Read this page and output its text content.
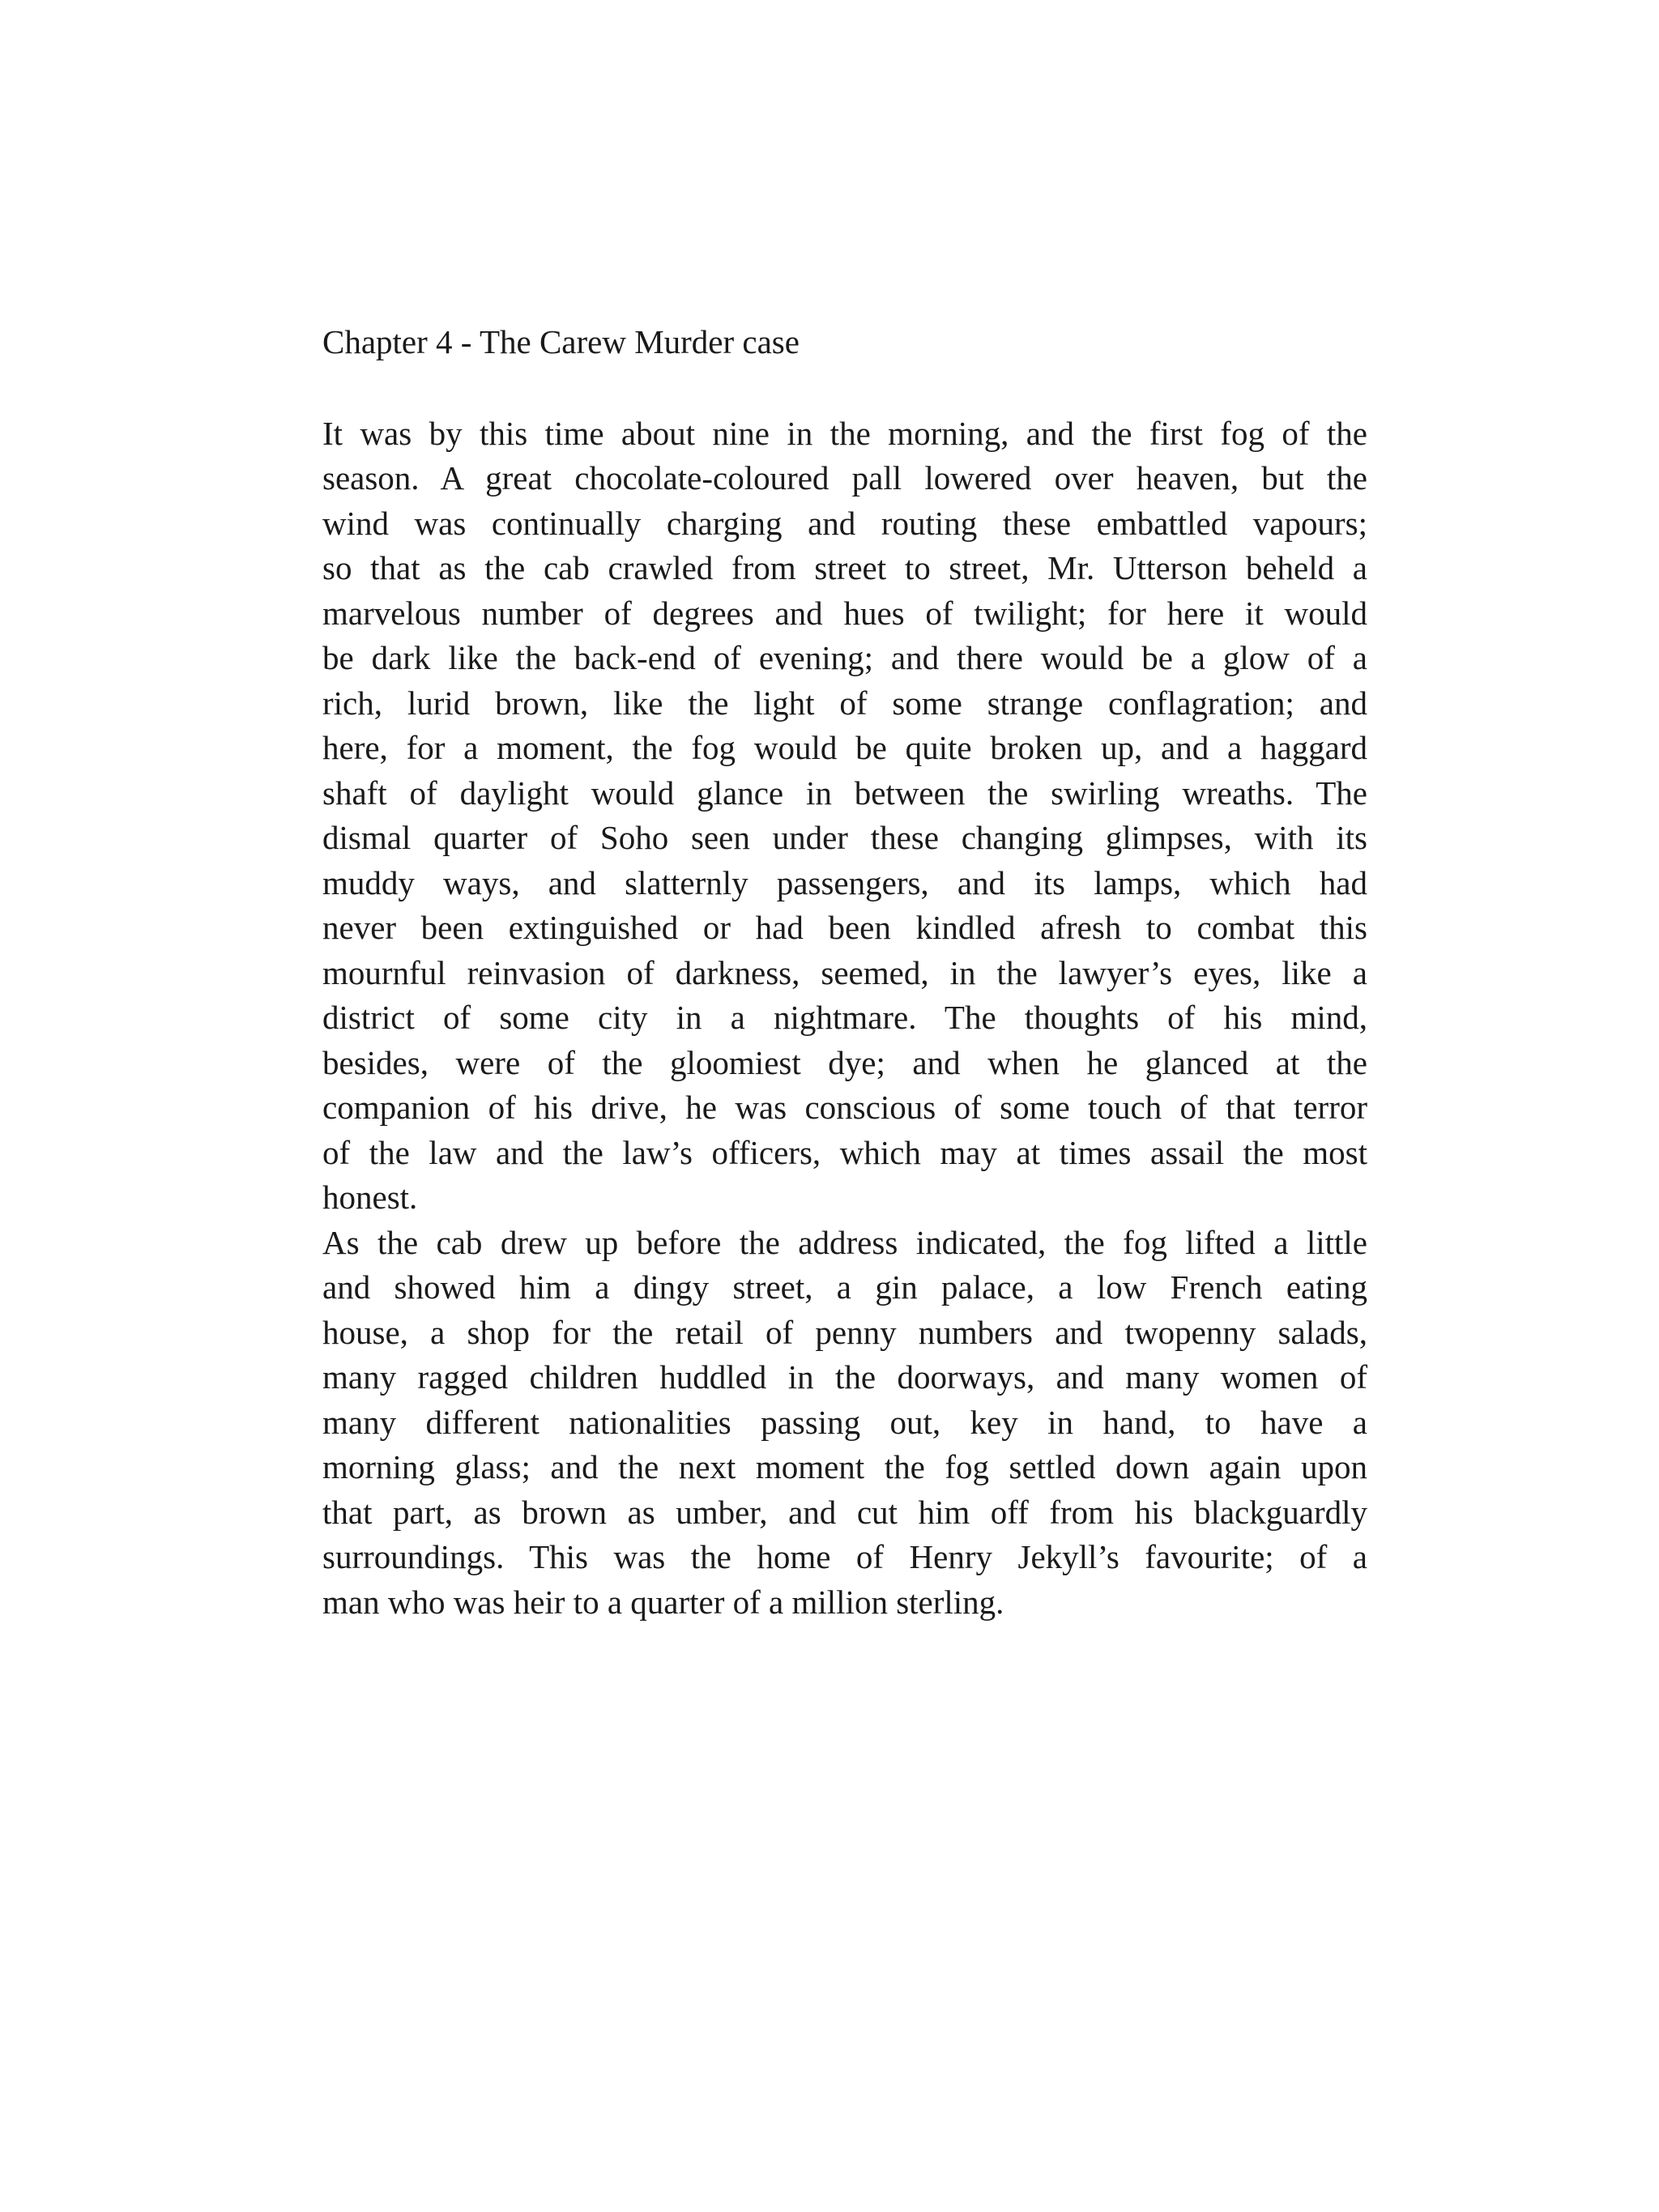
Chapter 4 - The Carew Murder case

It was by this time about nine in the morning, and the first fog of the
season. A great chocolate-coloured pall lowered over heaven, but the
wind was continually charging and routing these embattled vapours;
so that as the cab crawled from street to street, Mr. Utterson beheld a
marvelous number of degrees and hues of twilight; for here it would
be dark like the back-end of evening; and there would be a glow of a
rich, lurid brown, like the light of some strange conflagration; and
here, for a moment, the fog would be quite broken up, and a haggard
shaft of daylight would glance in between the swirling wreaths. The
dismal quarter of Soho seen under these changing glimpses, with its
muddy ways, and slatternly passengers, and its lamps, which had
never been extinguished or had been kindled afresh to combat this
mournful reinvasion of darkness, seemed, in the lawyer’s eyes, like a
district of some city in a nightmare. The thoughts of his mind,
besides, were of the gloomiest dye; and when he glanced at the
companion of his drive, he was conscious of some touch of that terror
of the law and the law’s officers, which may at times assail the most
honest.

As the cab drew up before the address indicated, the fog lifted a little
and showed him a dingy street, a gin palace, a low French eating
house, a shop for the retail of penny numbers and twopenny salads,
many ragged children huddled in the doorways, and many women of
many different nationalities passing out, key in hand, to have a
morning glass; and the next moment the fog settled down again upon
that part, as brown as umber, and cut him off from his blackguardly
surroundings. This was the home of Henry Jekyll’s favourite; of a
man who was heir to a quarter of a million sterling.
